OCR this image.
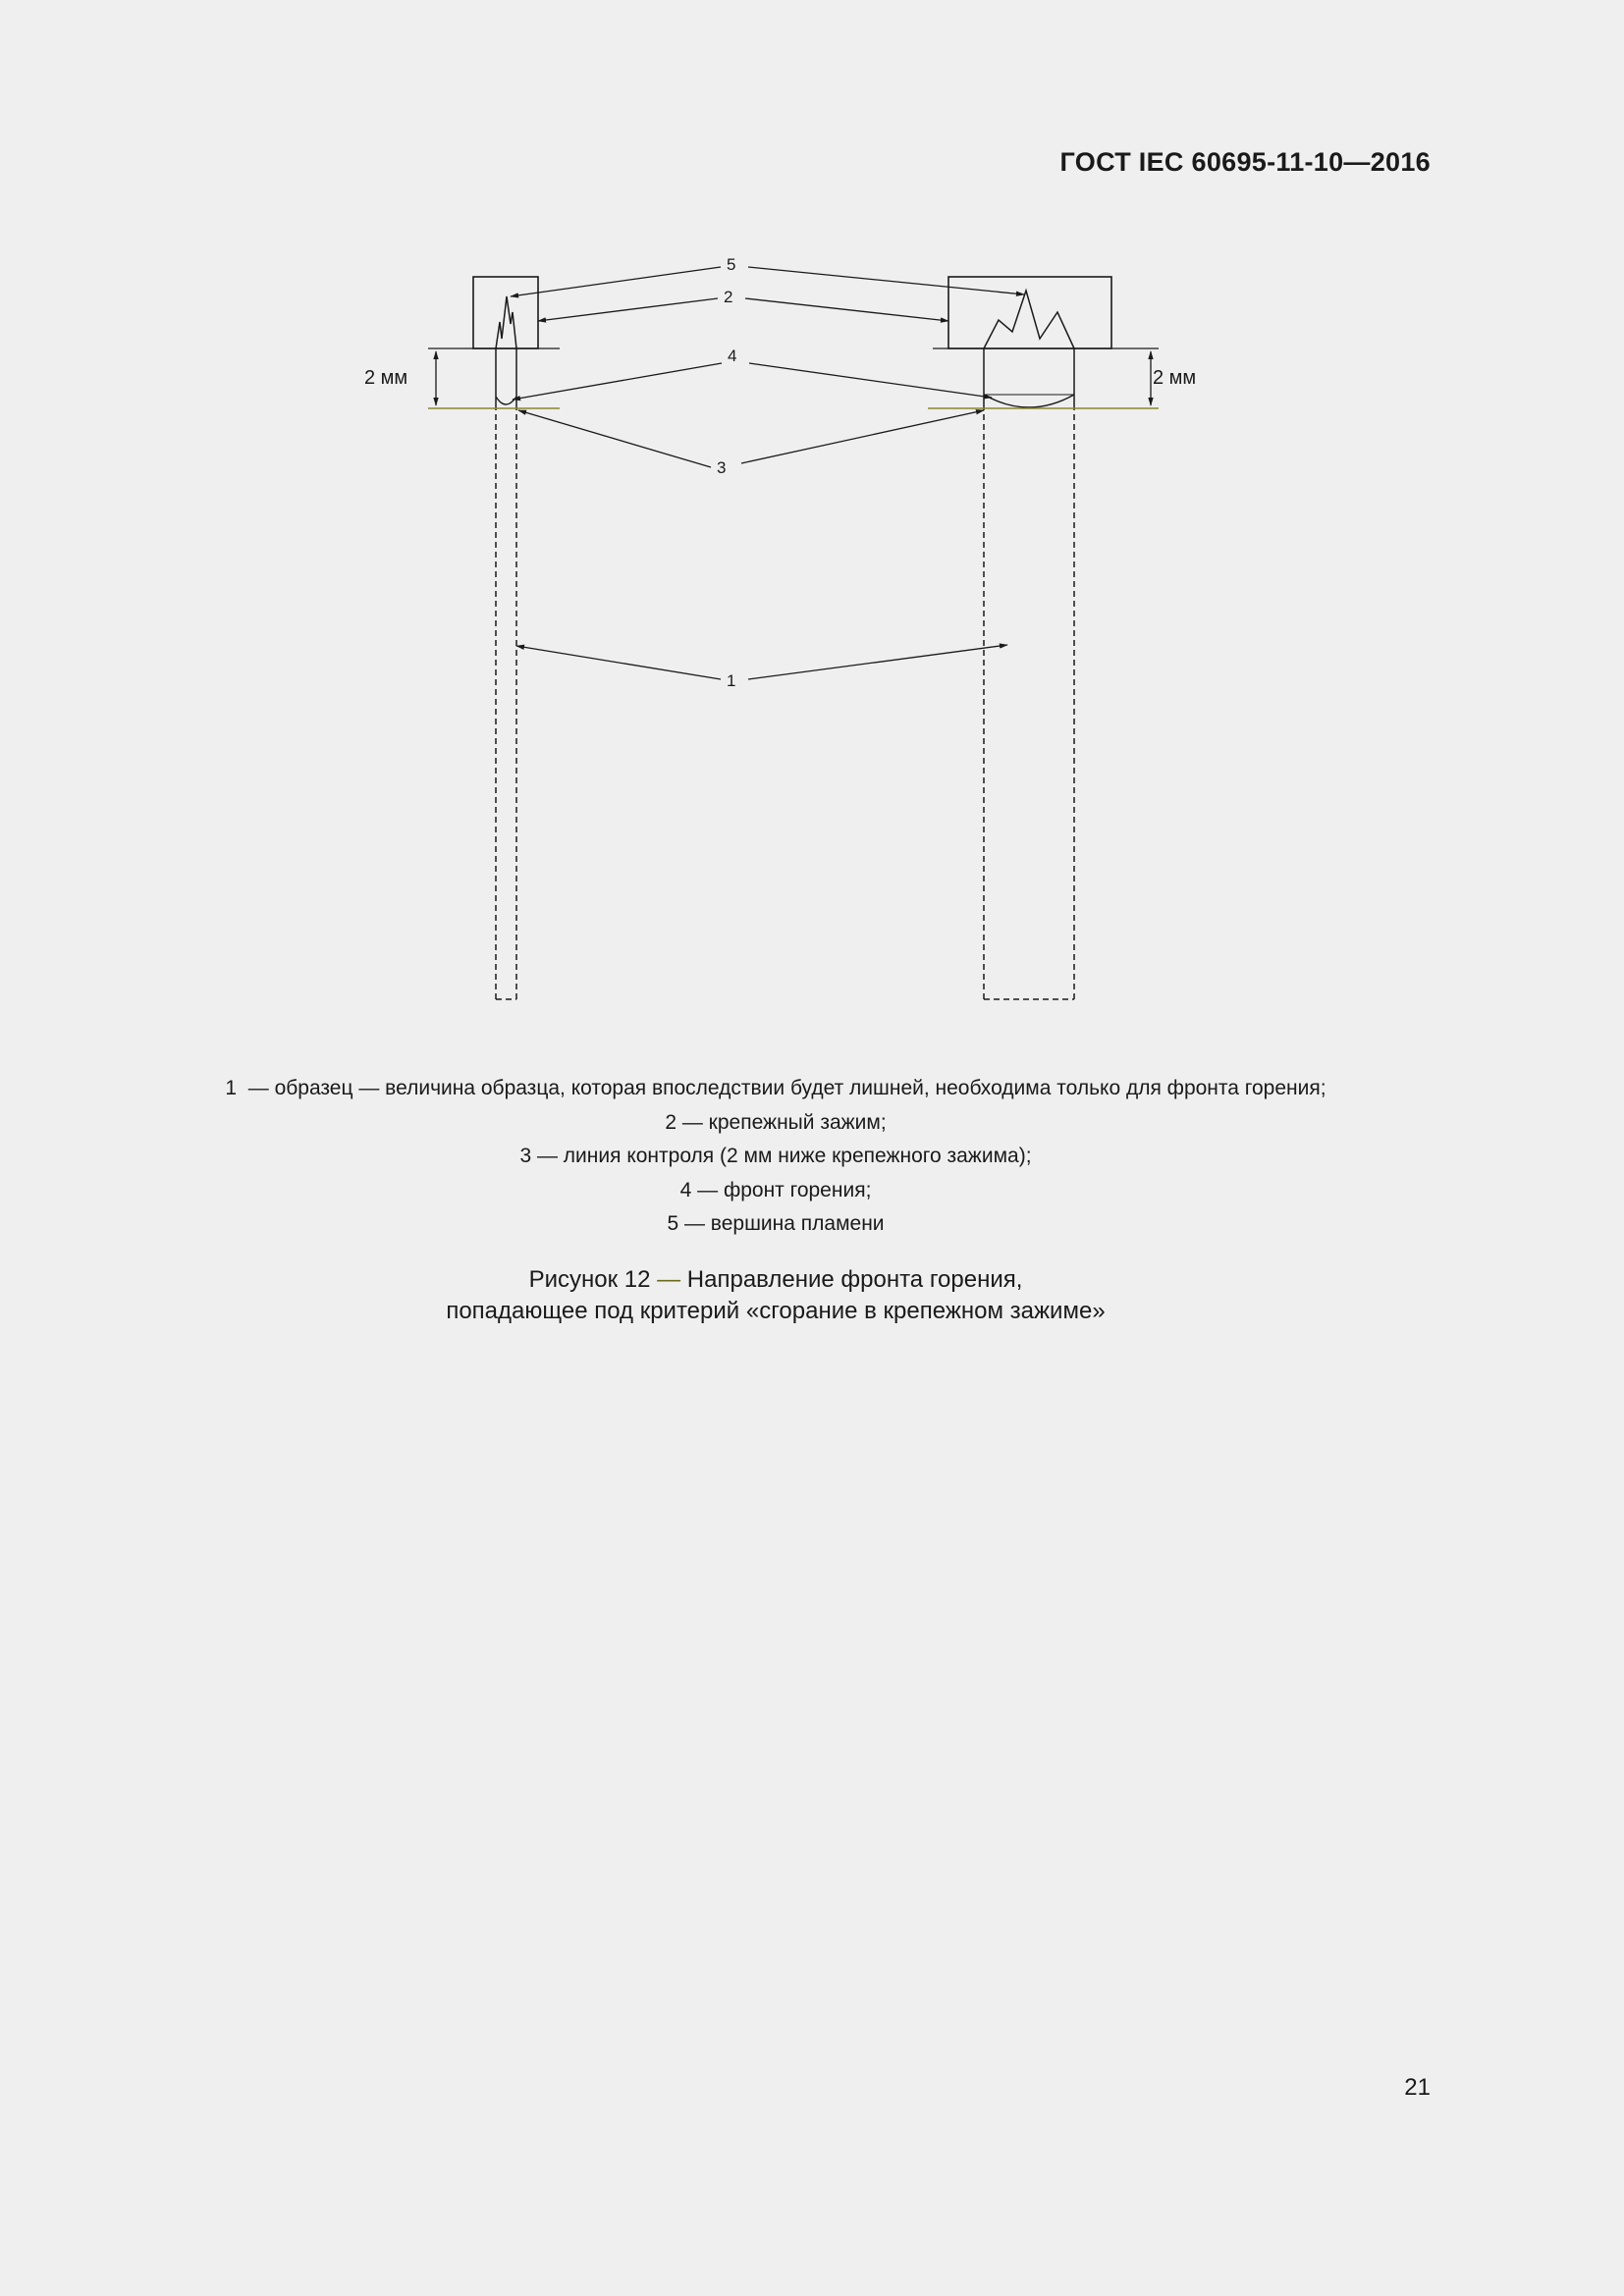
ГОСТ IEC 60695-11-10—2016
2 мм	2 мм
5
2
4
3
1
1  — образец — величина образца, которая впоследствии будет лишней, необходима только для фронта горения;
2 — крепежный зажим;
3 — линия контроля (2 мм ниже крепежного зажима);
4 — фронт горения;
5 — вершина пламени
Рисунок 12 — Направление фронта горения,
попадающее под критерий «сгорание в крепежном зажиме»
21
